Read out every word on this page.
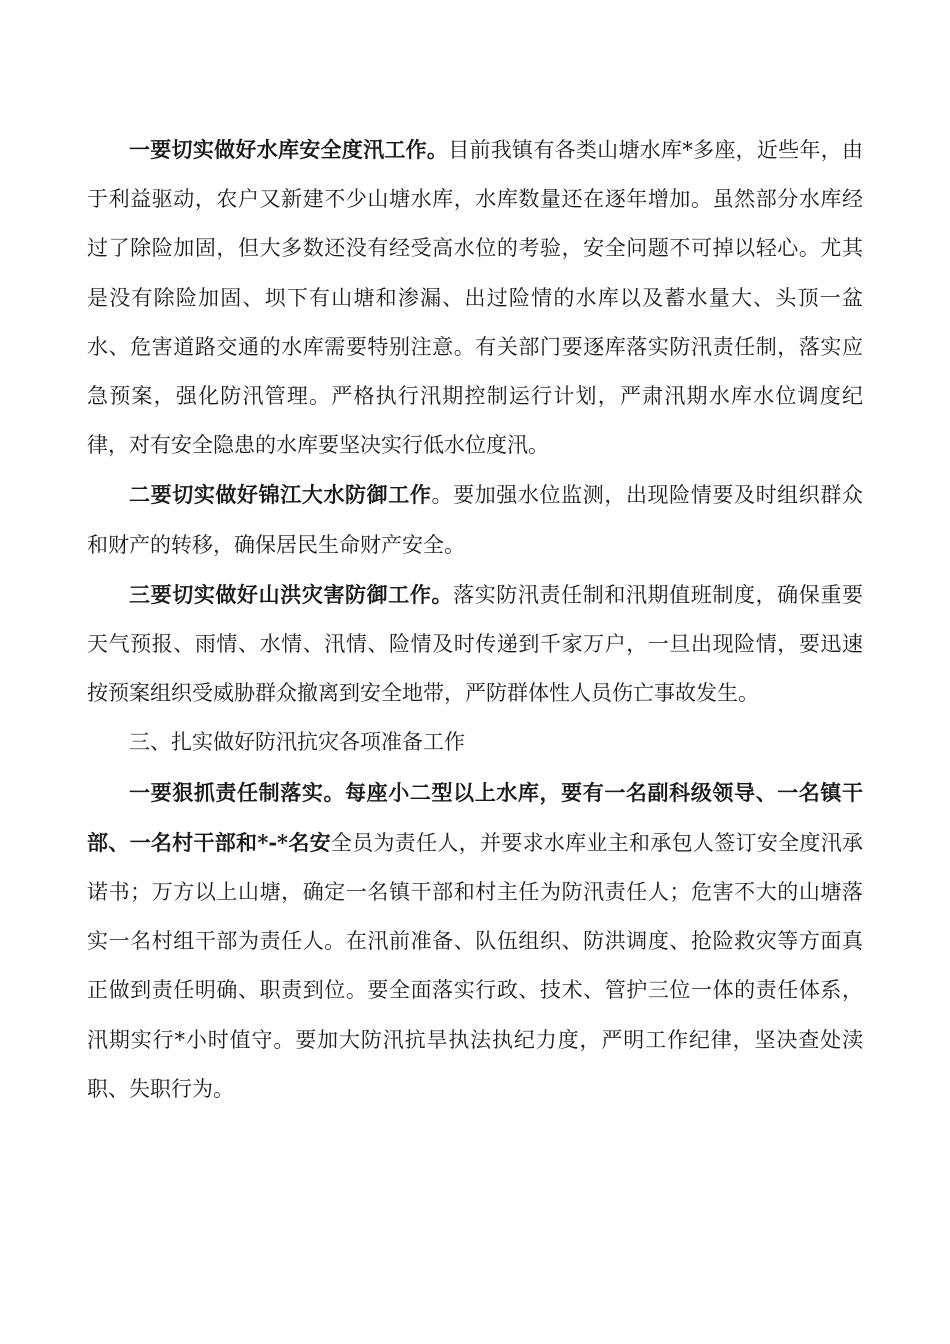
一要切实做好水库安全度汛工作。目前我镇有各类山塘水库*多座，近些年，由于利益驱动，农户又新建不少山塘水库，水库数量还在逐年增加。虽然部分水库经过了除险加固，但大多数还没有经受高水位的考验，安全问题不可掉以轻心。尤其是没有除险加固、坝下有山塘和渗漏、出过险情的水库以及蓄水量大、头顶一盆水、危害道路交通的水库需要特别注意。有关部门要逐库落实防汛责任制，落实应急预案，强化防汛管理。严格执行汛期控制运行计划，严肃汛期水库水位调度纪律，对有安全隐患的水库要坚决实行低水位度汛。

二要切实做好锦江大水防御工作。要加强水位监测，出现险情要及时组织群众和财产的转移，确保居民生命财产安全。

三要切实做好山洪灾害防御工作。落实防汛责任制和汛期值班制度，确保重要天气预报、雨情、水情、汛情、险情及时传递到千家万户，一旦出现险情，要迅速按预案组织受威胁群众撤离到安全地带，严防群体性人员伤亡事故发生。

三、扎实做好防汛抗灾各项准备工作

一要狠抓责任制落实。每座小二型以上水库，要有一名副科级领导、一名镇干部、一名村干部和*-*名安全员为责任人，并要求水库业主和承包人签订安全度汛承诺书；万方以上山塘，确定一名镇干部和村主任为防汛责任人；危害不大的山塘落实一名村组干部为责任人。在汛前准备、队伍组织、防洪调度、抢险救灾等方面真正做到责任明确、职责到位。要全面落实行政、技术、管护三位一体的责任体系，汛期实行*小时值守。要加大防汛抗旱执法执纪力度，严明工作纪律，坚决查处渎职、失职行为。
